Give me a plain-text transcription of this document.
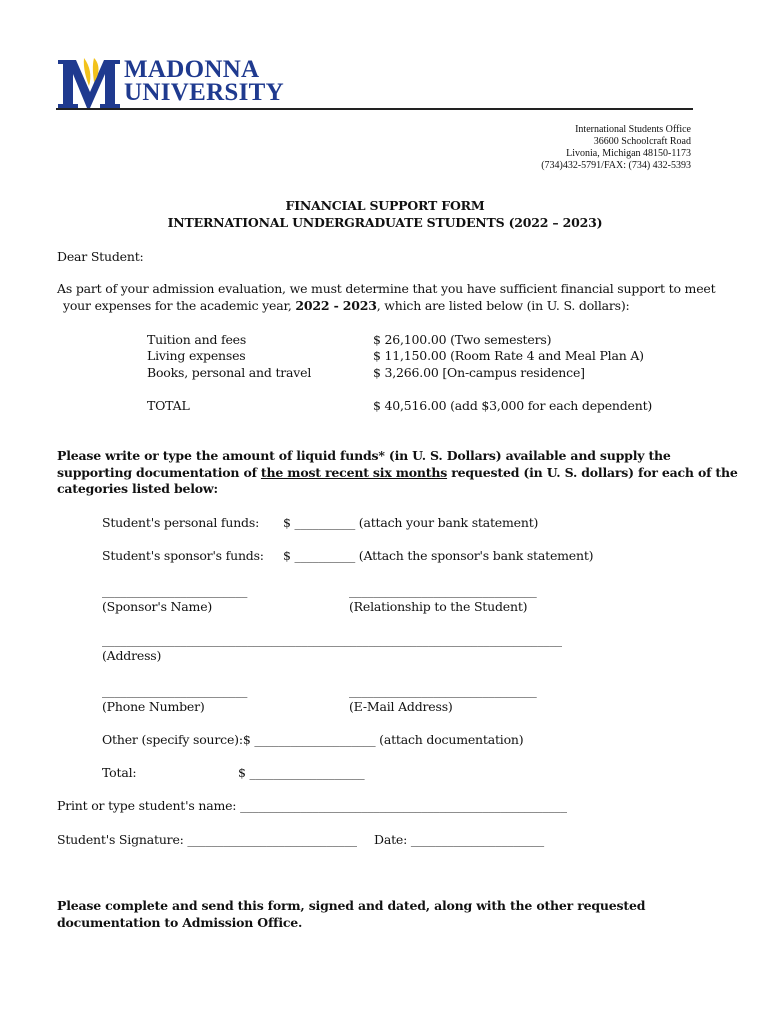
MADONNA
UNIVERSITY
International Students Office
36600 Schoolcraft Road
Livonia, Michigan 48150-1173
(734)432-5791/FAX: (734) 432-5393
FINANCIAL SUPPORT FORM
INTERNATIONAL UNDERGRADUATE STUDENTS (2022 – 2023)
Dear Student:
As part of your admission evaluation, we must determine that you have sufficient financial support to meet
your expenses for the academic year, 2022 - 2023, which are listed below (in U. S. dollars):
Tuition and fees	$ 26,100.00 (Two semesters)
Living expenses	$ 11,150.00 (Room Rate 4 and Meal Plan A)
Books, personal and travel	$ 3,266.00 [On-campus residence]
TOTAL	$ 40,516.00 (add $3,000 for each dependent)
Please write or type the amount of liquid funds* (in U. S. Dollars) available and supply the
supporting documentation of the most recent six months requested (in U. S. dollars) for each of the
categories listed below:
Student's personal funds: $ __________ (attach your bank statement)
Student's sponsor's funds: $ __________ (Attach the sponsor's bank statement)
________________________	_______________________________
(Sponsor's Name)	(Relationship to the Student)
____________________________________________________________________________
(Address)
________________________	_______________________________
(Phone Number)	(E-Mail Address)
Other (specify source):$ ____________________ (attach documentation)
Total:	$ ___________________
Print or type student's name: ______________________________________________________
Student's Signature: ____________________________ Date: ______________________
Please complete and send this form, signed and dated, along with the other requested
documentation to Admission Office.
